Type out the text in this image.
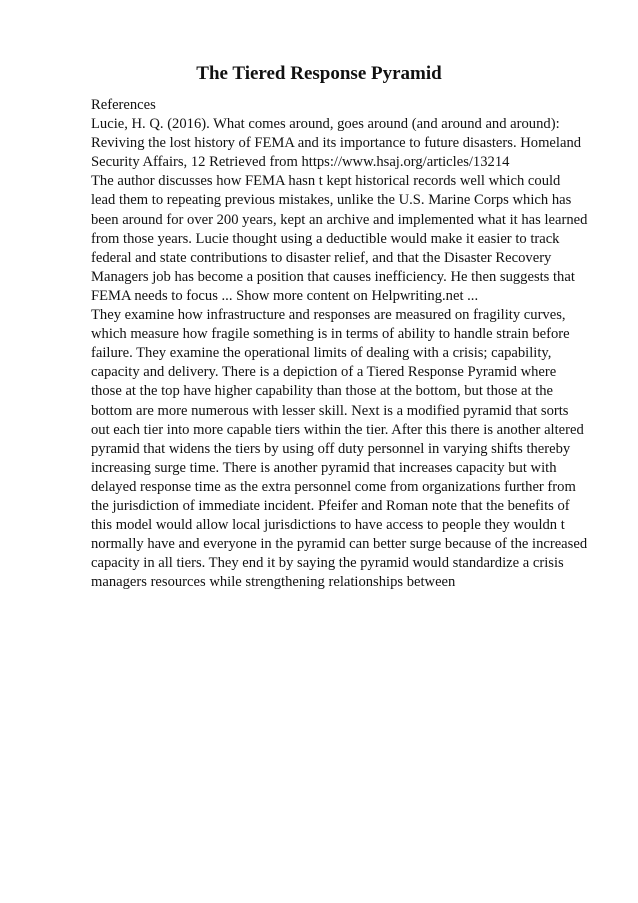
The Tiered Response Pyramid
References
Lucie, H. Q. (2016). What comes around, goes around (and around and around):
Reviving the lost history of FEMA and its importance to future disasters. Homeland
Security Affairs, 12 Retrieved from https://www.hsaj.org/articles/13214
The author discusses how FEMA hasn t kept historical records well which could
lead them to repeating previous mistakes, unlike the U.S. Marine Corps which has
been around for over 200 years, kept an archive and implemented what it has learned
from those years. Lucie thought using a deductible would make it easier to track
federal and state contributions to disaster relief, and that the Disaster Recovery
Managers job has become a position that causes inefficiency. He then suggests that
FEMA needs to focus ... Show more content on Helpwriting.net ...
They examine how infrastructure and responses are measured on fragility curves,
which measure how fragile something is in terms of ability to handle strain before
failure. They examine the operational limits of dealing with a crisis; capability,
capacity and delivery. There is a depiction of a Tiered Response Pyramid where
those at the top have higher capability than those at the bottom, but those at the
bottom are more numerous with lesser skill. Next is a modified pyramid that sorts
out each tier into more capable tiers within the tier. After this there is another altered
pyramid that widens the tiers by using off duty personnel in varying shifts thereby
increasing surge time. There is another pyramid that increases capacity but with
delayed response time as the extra personnel come from organizations further from
the jurisdiction of immediate incident. Pfeifer and Roman note that the benefits of
this model would allow local jurisdictions to have access to people they wouldn t
normally have and everyone in the pyramid can better surge because of the increased
capacity in all tiers. They end it by saying the pyramid would standardize a crisis
managers resources while strengthening relationships between
